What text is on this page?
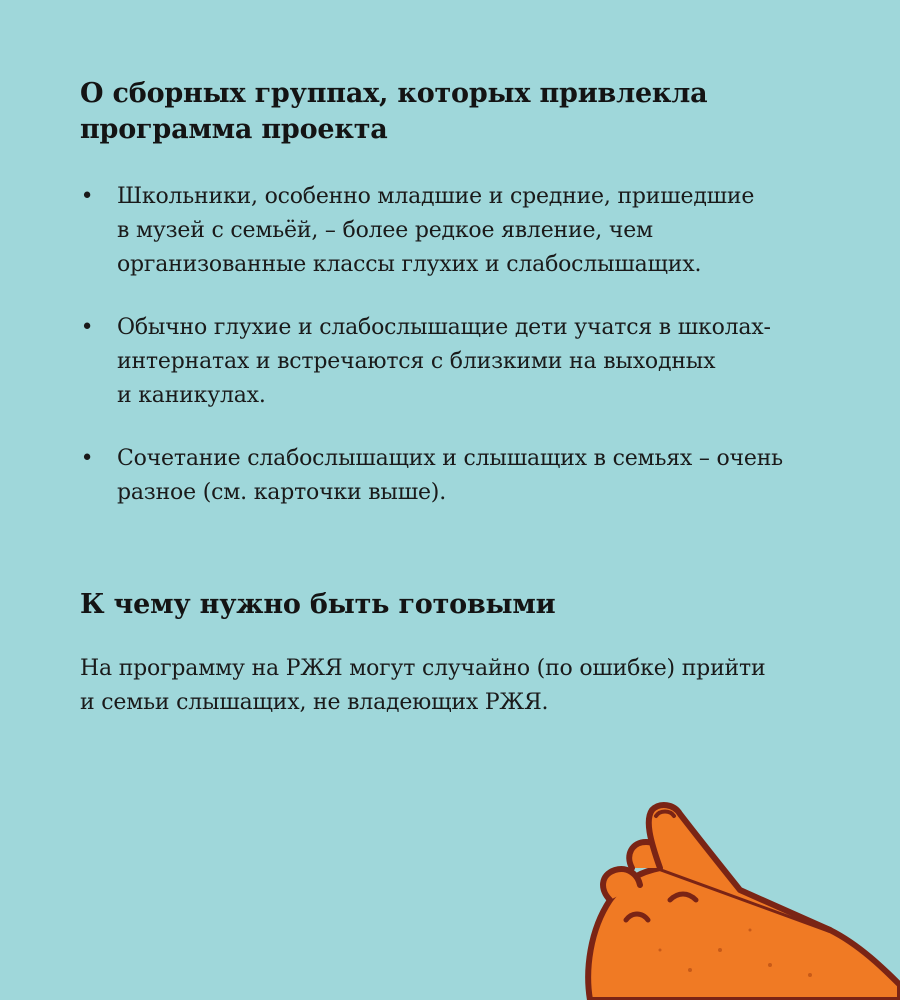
О сборных группах, которых привлекла
программа проекта
• Школьники, особенно младшие и средние, пришедшие
в музей с семьёй, – более редкое явление, чем
организованные классы глухих и слабослышащих.
• Обычно глухие и слабослышащие дети учатся в школах-
интернатах и встречаются с близкими на выходных
и каникулах.
• Сочетание слабослышащих и слышащих в семьях – очень
разное (см. карточки выше).
К чему нужно быть готовыми

На программу на РЖЯ могут случайно (по ошибке) прийти
и семьи слышащих, не владеющих РЖЯ.
